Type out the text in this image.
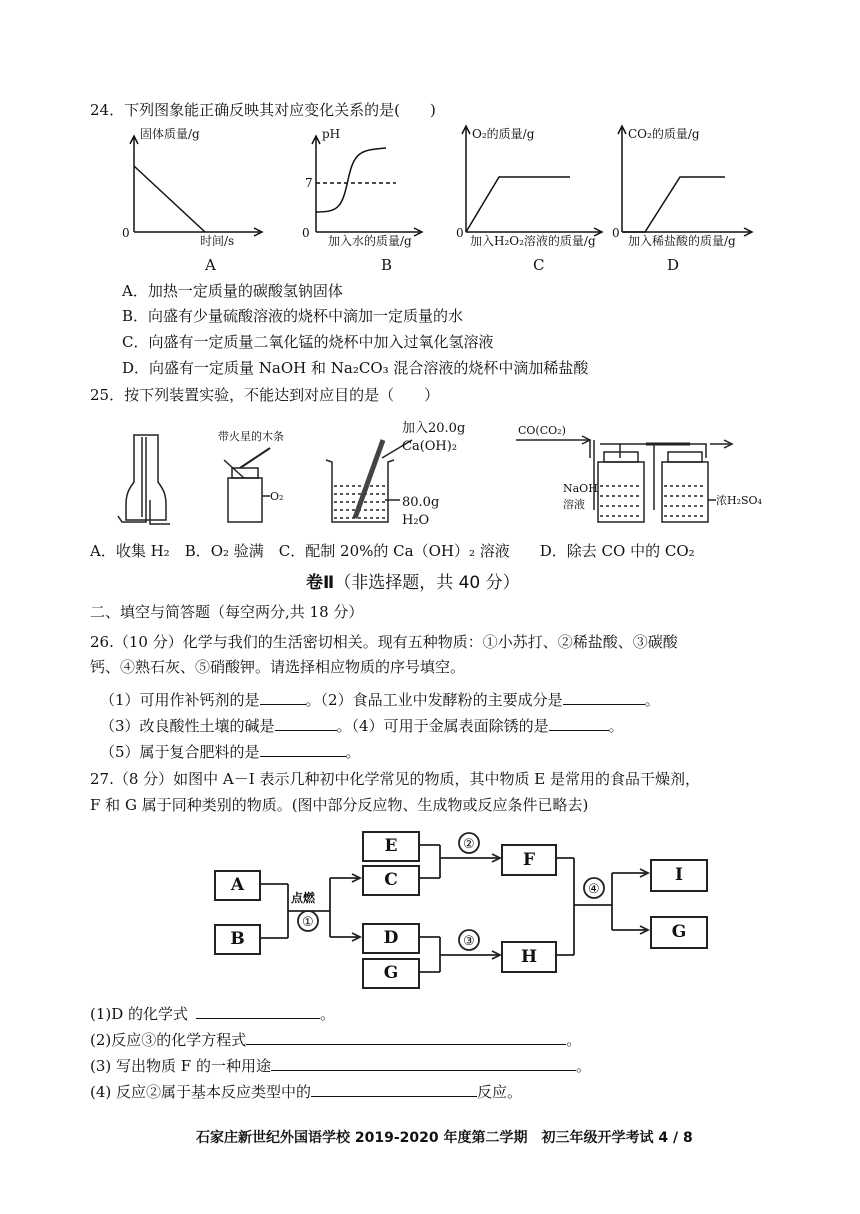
24．下列图象能正确反映其对应变化关系的是(　　)
固体质量/g
时间/s
0
A
pH
加入水的质量/g
0
7
B
O₂的质量/g
加入H₂O₂溶液的质量/g
0
C
CO₂的质量/g
加入稀盐酸的质量/g
0
D
A．加热一定质量的碳酸氢钠固体
B．向盛有少量硫酸溶液的烧杯中滴加一定质量的水
C．向盛有一定质量二氧化锰的烧杯中加入过氧化氢溶液
D．向盛有一定质量 NaOH 和 Na₂CO₃ 混合溶液的烧杯中滴加稀盐酸
25．按下列装置实验，不能达到对应目的是（　　）
带火星的木条
O₂
加入20.0g
Ca(OH)₂
80.0g
H₂O
CO(CO₂)
NaOH
溶液	浓H₂SO₄
A．收集 H₂　B．O₂ 验满　C．配制 20%的 Ca（OH）₂ 溶液　　D．除去 CO 中的 CO₂
卷Ⅱ（非选择题，共 40 分）
二、填空与简答题（每空两分,共 18 分）
26.（10 分）化学与我们的生活密切相关。现有五种物质：①小苏打、②稀盐酸、③碳酸
钙、④熟石灰、⑤硝酸钾。请选择相应物质的序号填空。
（1）可用作补钙剂的是	。（2）食品工业中发酵粉的主要成分是	。
（3）改良酸性土壤的碱是	。（4）可用于金属表面除锈的是	。
（5）属于复合肥料的是	。
27.（8 分）如图中 A－I 表示几种初中化学常见的物质，其中物质 E 是常用的食品干燥剂，
F 和 G 属于同种类别的物质。(图中部分反应物、生成物或反应条件已略去)
点燃
①
②
③
④
A
B
E
C
D
G
F
H
I
G
(1)D 的化学式	。
(2)反应③的化学方程式	。
(3) 写出物质 F 的一种用途	。
(4) 反应②属于基本反应类型中的	反应。
石家庄新世纪外国语学校 2019-2020 年度第二学期　初三年级开学考试 4 / 8
